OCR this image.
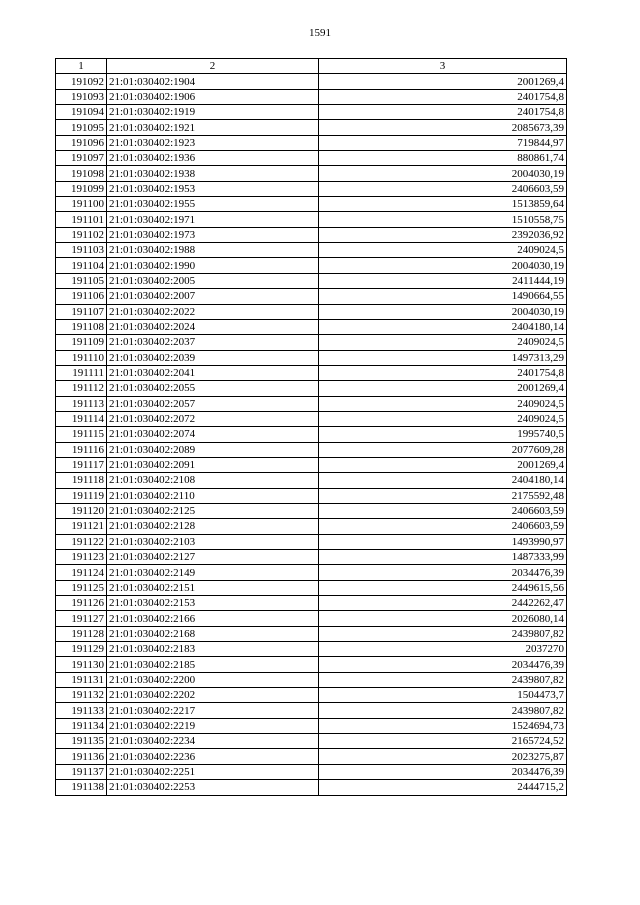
1591
1	2	3
191092	21:01:030402:1904	2001269,4
191093	21:01:030402:1906	2401754,8
191094	21:01:030402:1919	2401754,8
191095	21:01:030402:1921	2085673,39
191096	21:01:030402:1923	719844,97
191097	21:01:030402:1936	880861,74
191098	21:01:030402:1938	2004030,19
191099	21:01:030402:1953	2406603,59
191100	21:01:030402:1955	1513859,64
191101	21:01:030402:1971	1510558,75
191102	21:01:030402:1973	2392036,92
191103	21:01:030402:1988	2409024,5
191104	21:01:030402:1990	2004030,19
191105	21:01:030402:2005	2411444,19
191106	21:01:030402:2007	1490664,55
191107	21:01:030402:2022	2004030,19
191108	21:01:030402:2024	2404180,14
191109	21:01:030402:2037	2409024,5
191110	21:01:030402:2039	1497313,29
191111	21:01:030402:2041	2401754,8
191112	21:01:030402:2055	2001269,4
191113	21:01:030402:2057	2409024,5
191114	21:01:030402:2072	2409024,5
191115	21:01:030402:2074	1995740,5
191116	21:01:030402:2089	2077609,28
191117	21:01:030402:2091	2001269,4
191118	21:01:030402:2108	2404180,14
191119	21:01:030402:2110	2175592,48
191120	21:01:030402:2125	2406603,59
191121	21:01:030402:2128	2406603,59
191122	21:01:030402:2103	1493990,97
191123	21:01:030402:2127	1487333,99
191124	21:01:030402:2149	2034476,39
191125	21:01:030402:2151	2449615,56
191126	21:01:030402:2153	2442262,47
191127	21:01:030402:2166	2026080,14
191128	21:01:030402:2168	2439807,82
191129	21:01:030402:2183	2037270
191130	21:01:030402:2185	2034476,39
191131	21:01:030402:2200	2439807,82
191132	21:01:030402:2202	1504473,7
191133	21:01:030402:2217	2439807,82
191134	21:01:030402:2219	1524694,73
191135	21:01:030402:2234	2165724,52
191136	21:01:030402:2236	2023275,87
191137	21:01:030402:2251	2034476,39
191138	21:01:030402:2253	2444715,2
